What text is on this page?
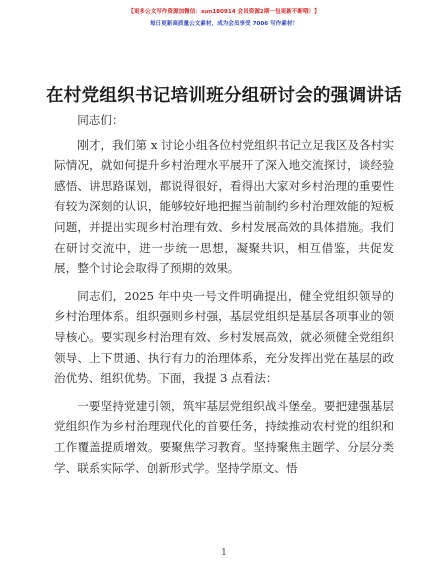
【更多公文写作资源加微信：sun180914 会员资源2期一包更新不断哦！】
每日更新高质量公文素材，成为会员享受 7006 写作素材！
在村党组织书记培训班分组研讨会的强调讲话

同志们：

刚才，我们第 x 讨论小组各位村党组织书记立足我区及各村实际情况，就如何提升乡村治理水平展开了深入地交流探讨，谈经验感悟、讲思路谋划，都说得很好，看得出大家对乡村治理的重要性有较为深刻的认识，能够较好地把握当前制约乡村治理效能的短板问题，并提出实现乡村治理有效、乡村发展高效的具体措施。我们在研讨交流中，进一步统一思想，凝聚共识，相互借鉴，共促发展，整个讨论会取得了预期的效果。

同志们，2025 年中央一号文件明确提出，健全党组织领导的乡村治理体系。组织强则乡村强，基层党组织是基层各项事业的领导核心。要实现乡村治理有效、乡村发展高效，就必须健全党组织领导、上下贯通、执行有力的治理体系，充分发挥出党在基层的政治优势、组织优势。下面，我提 3 点看法：

一要坚持党建引领，筑牢基层党组织战斗堡垒。要把建强基层党组织作为乡村治理现代化的首要任务，持续推动农村党的组织和工作覆盖提质增效。要聚焦学习教育。坚持聚焦主题学、分层分类学、联系实际学、创新形式学。坚持学原文、悟

1
